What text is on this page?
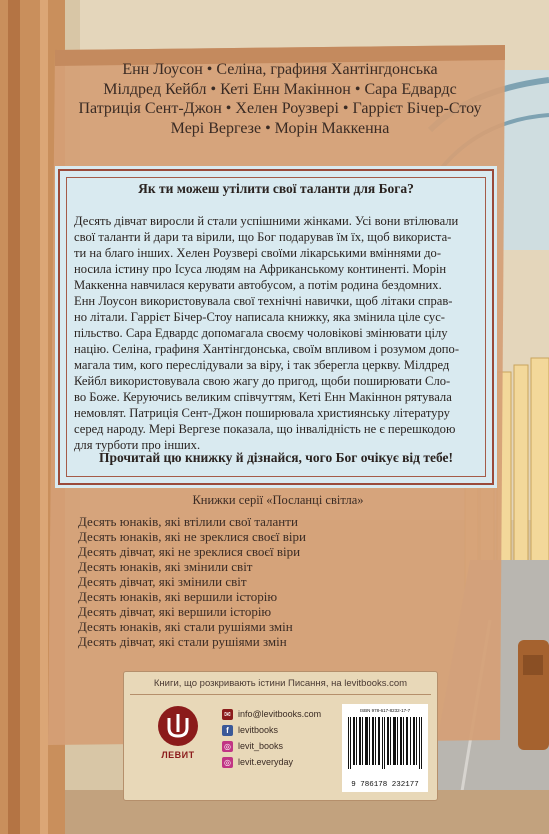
Енн Лоусон • Селіна, графиня Хантінгдонська
Мілдред Кейбл • Кеті Енн Макіннон • Сара Едвардс
Патриція Сент-Джон • Хелен Роузвері • Гаррієт Бічер-Стоу
Мері Вергезе • Морін Маккенна
Як ти можеш утілити свої таланти для Бога?
Десять дівчат виросли й стали успішними жінками. Усі вони втілювали
свої таланти й дари та вірили, що Бог подарував їм їх, щоб використа-
ти на благо інших. Хелен Роузвері своїми лікарськими вміннями до-
носила істину про Ісуса людям на Африканському континенті. Морін
Маккенна навчилася керувати автобусом, а потім родина бездомних.
Енн Лоусон використовувала свої технічні навички, щоб літаки справ-
но літали. Гаррієт Бічер-Стоу написала книжку, яка змінила ціле сус-
пільство. Сара Едвардс допомагала своєму чоловікові змінювати цілу
націю. Селіна, графиня Хантінгдонська, своїм впливом і розумом допо-
магала тим, кого переслідували за віру, і так зберегла церкву. Мілдред
Кейбл використовувала свою жагу до пригод, щоби поширювати Сло-
во Боже. Керуючись великим співчуттям, Кеті Енн Макіннон рятувала
немовлят. Патриція Сент-Джон поширювала християнську літературу
серед народу. Мері Вергезе показала, що інвалідність не є перешкодою
для турботи про інших.
Прочитай цю книжку й дізнайся, чого Бог очікує від тебе!
Книжки серії «Посланці світла»
Десять юнаків, які втілили свої таланти
Десять юнаків, які не зреклися своєї віри
Десять дівчат, які не зреклися своєї віри
Десять юнаків, які змінили світ
Десять дівчат, які змінили світ
Десять юнаків, які вершили історію
Десять дівчат, які вершили історію
Десять юнаків, які стали рушіями змін
Десять дівчат, які стали рушіями змін
Книги, що розкривають істини Писання, на levitbooks.com
ЛЕВИТ
✉ info@levitbooks.com
f	levitbooks
◎ levit_books
◎ levit.everyday
ISBN 978-617-8232-17-7
9 786178 232177
